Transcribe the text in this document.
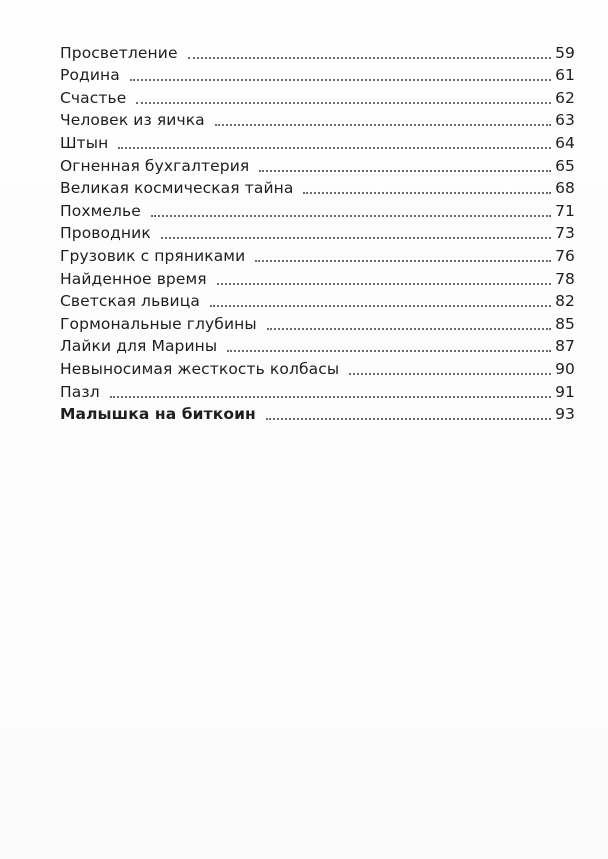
Просветление	59
Родина	61
Счастье	62
Человек из яичка	63
Штын	64
Огненная бухгалтерия	65
Великая космическая тайна	68
Похмелье	71
Проводник	73
Грузовик с пряниками	76
Найденное время	78
Светская львица	82
Гормональные глубины	85
Лайки для Марины	87
Невыносимая жесткость колбасы	90
Пазл	91
Малышка на биткоин	93
